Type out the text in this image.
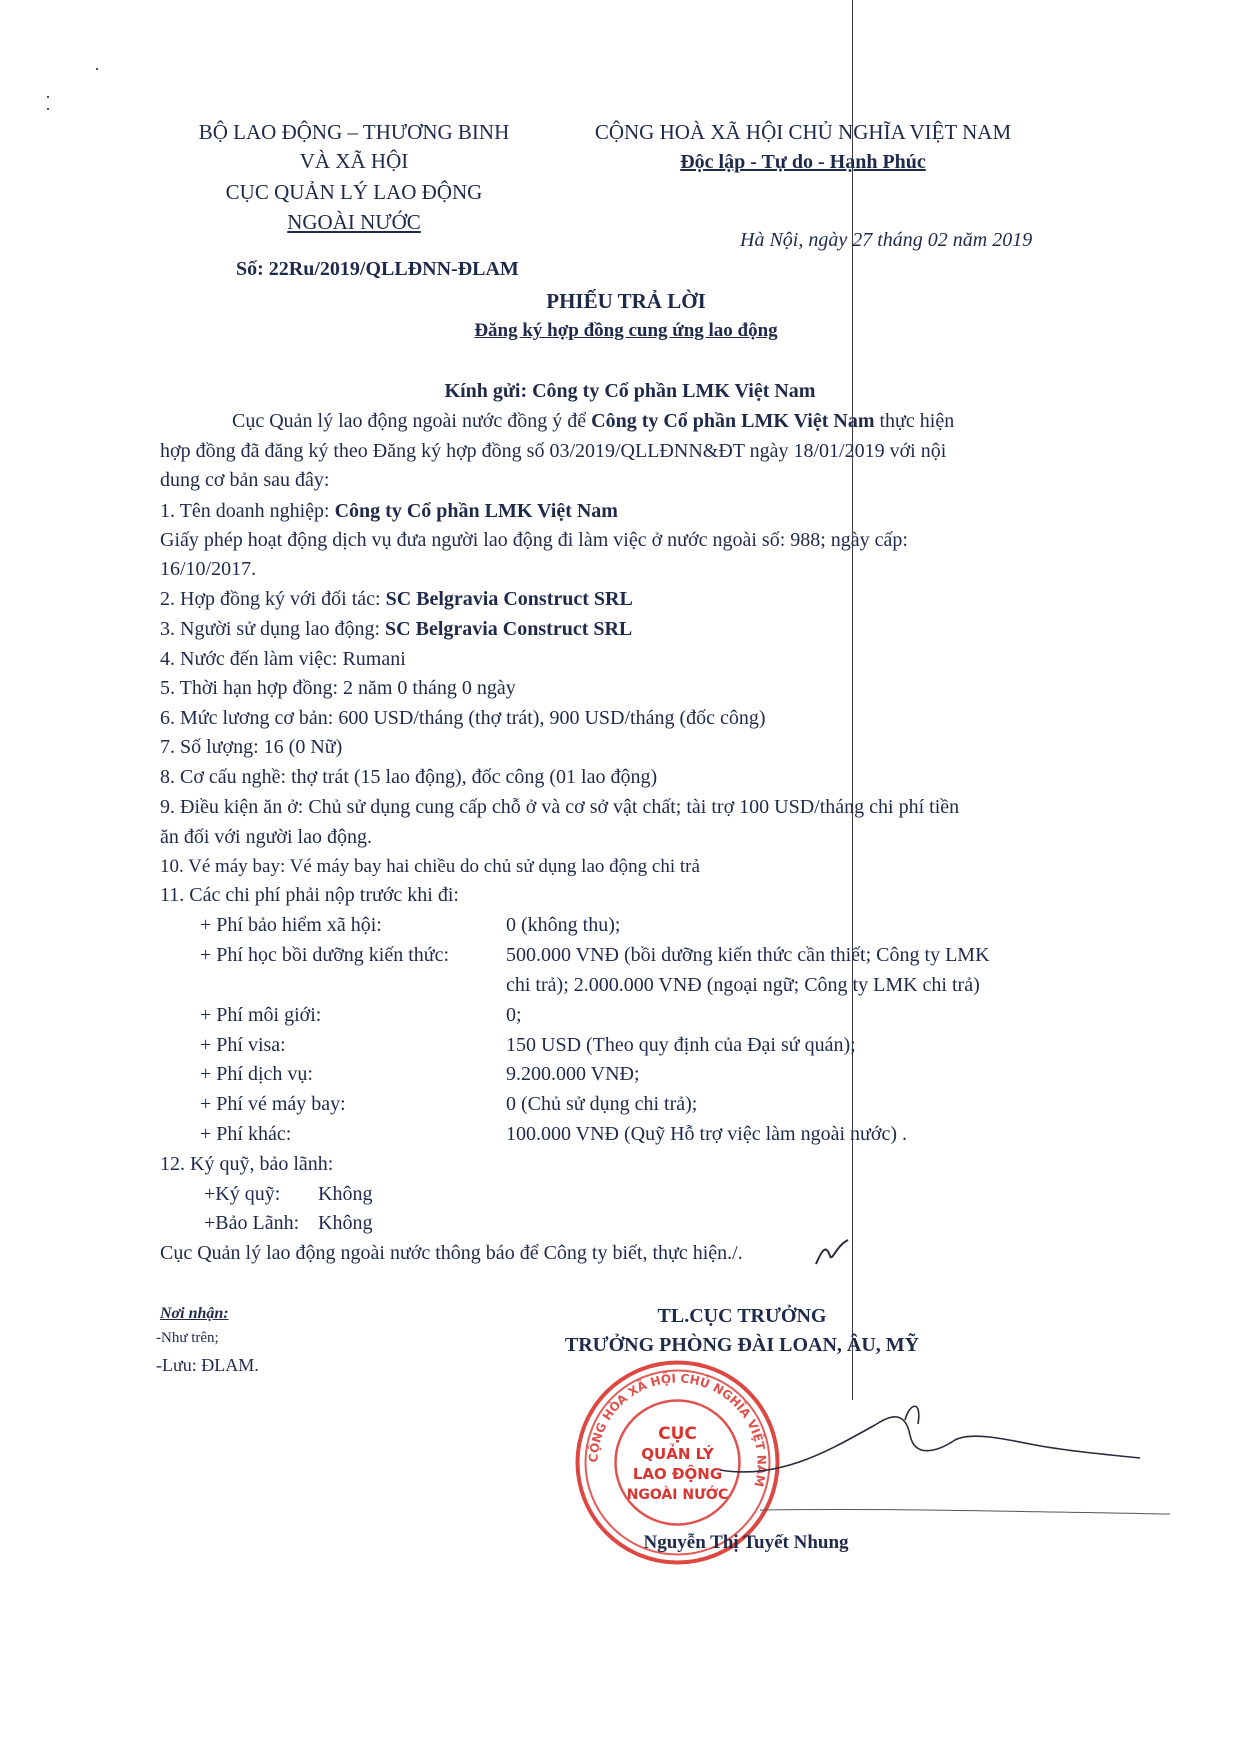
BỘ LAO ĐỘNG – THƯƠNG BINH
VÀ XÃ HỘI
CỤC QUẢN LÝ LAO ĐỘNG
NGOÀI NƯỚC
CỘNG HOÀ XÃ HỘI CHỦ NGHĨA VIỆT NAM
Độc lập - Tự do - Hạnh Phúc
Hà Nội, ngày 27 tháng 02 năm 2019
Số: 22Ru/2019/QLLĐNN-ĐLAM
PHIẾU TRẢ LỜI
Đăng ký hợp đồng cung ứng lao động
Kính gửi: Công ty Cổ phần LMK Việt Nam
Cục Quản lý lao động ngoài nước đồng ý để Công ty Cổ phần LMK Việt Nam thực hiện
hợp đồng đã đăng ký theo Đăng ký hợp đồng số 03/2019/QLLĐNN&ĐT ngày 18/01/2019 với nội
dung cơ bản sau đây:
1. Tên doanh nghiệp: Công ty Cổ phần LMK Việt Nam
Giấy phép hoạt động dịch vụ đưa người lao động đi làm việc ở nước ngoài số: 988; ngày cấp:
16/10/2017.
2. Hợp đồng ký với đối tác: SC Belgravia Construct SRL
3. Người sử dụng lao động: SC Belgravia Construct SRL
4. Nước đến làm việc: Rumani
5. Thời hạn hợp đồng: 2 năm 0 tháng 0 ngày
6. Mức lương cơ bản: 600 USD/tháng (thợ trát), 900 USD/tháng (đốc công)
7. Số lượng: 16 (0 Nữ)
8. Cơ cấu nghề: thợ trát (15 lao động), đốc công (01 lao động)
9. Điều kiện ăn ở: Chủ sử dụng cung cấp chỗ ở và cơ sở vật chất; tài trợ 100 USD/tháng chi phí tiền
ăn đối với người lao động.
10. Vé máy bay: Vé máy bay hai chiều do chủ sử dụng lao động chi trả
11. Các chi phí phải nộp trước khi đi:
+ Phí bảo hiểm xã hội:	0 (không thu);
+ Phí học bồi dưỡng kiến thức:	500.000 VNĐ (bồi dưỡng kiến thức cần thiết; Công ty LMK
chi trả); 2.000.000 VNĐ (ngoại ngữ; Công ty LMK chi trả)
+ Phí môi giới:	0;
+ Phí visa:	150 USD (Theo quy định của Đại sứ quán);
+ Phí dịch vụ:	9.200.000 VNĐ;
+ Phí vé máy bay:	0 (Chủ sử dụng chi trả);
+ Phí khác:	100.000 VNĐ (Quỹ Hỗ trợ việc làm ngoài nước) .
12. Ký quỹ, bảo lãnh:
+Ký quỹ: Không
+Bảo Lãnh: Không
Cục Quản lý lao động ngoài nước thông báo để Công ty biết, thực hiện./.
Nơi nhận:
-Như trên;
-Lưu: ĐLAM.
TL.CỤC TRƯỞNG
TRƯỞNG PHÒNG ĐÀI LOAN, ÂU, MỸ
CỘNG HÒA XÃ HỘI CHỦ NGHĨA VIỆT NAM
CỤC
QUẢN LÝ
LAO ĐỘNG
NGOÀI NƯỚC
Nguyễn Thị Tuyết Nhung
